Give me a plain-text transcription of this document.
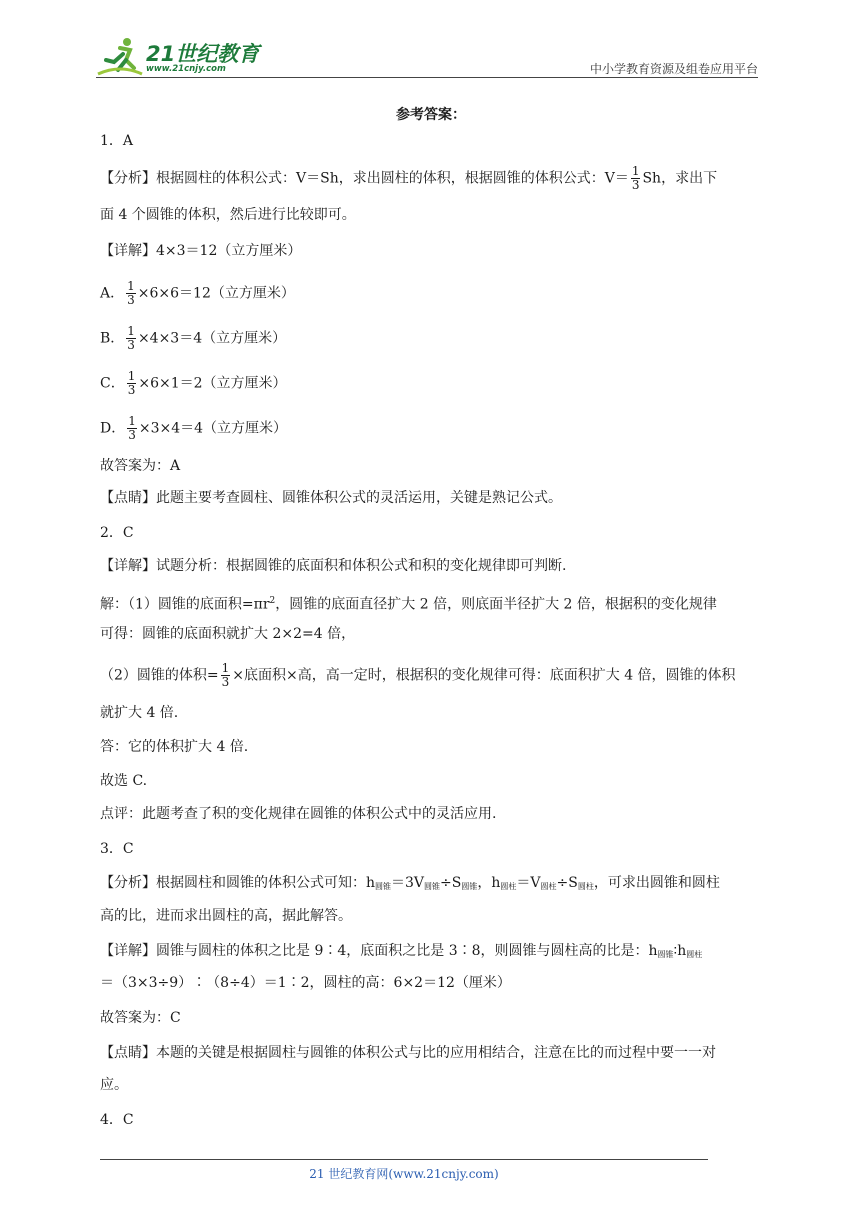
21世纪教育
www.21cnjy.com	中小学教育资源及组卷应用平台
参考答案：
1．A
【分析】根据圆柱的体积公式：V＝Sh，求出圆柱的体积，根据圆锥的体积公式：$V= \frac{1}{3}$ Sh，求出下
面 4 个圆锥的体积，然后进行比较即可。
【详解】4×3＝12（立方厘米）
A． $\frac{1}{3} \times 6\times 6=12$（立方厘米）
B． $\frac{1}{3} \times 4\times 3=4$（立方厘米）
C． $\frac{1}{3} \times 6\times 1=2$（立方厘米）
D． $\frac{1}{3} \times 3\times 4=4$（立方厘米）
故答案为：A
【点睛】此题主要考查圆柱、圆锥体积公式的灵活运用，关键是熟记公式。
2．C
【详解】试题分析：根据圆锥的底面积和体积公式和积的变化规律即可判断.
解：（1）圆锥的底面积$=\pi r^2$，圆锥的底面直径扩大 2 倍，则底面半径扩大 2 倍，根据积的变化规律
可得：圆锥的底面积就扩大 2×2=4 倍，
（2）圆锥的体积= $\frac{1}{3}$ ×底面积×高，高一定时，根据积的变化规律可得：底面积扩大 4 倍，圆锥的体积
就扩大 4 倍.
答：它的体积扩大 4 倍.
故选 C.
点评：此题考查了积的变化规律在圆锥的体积公式中的灵活应用.
3．C
【分析】根据圆柱和圆锥的体积公式可知：$h_{圆锥}=3V_{圆锥}\div S_{圆锥}$，$h_{圆柱}=V_{圆柱}\div S_{圆柱}$，可求出圆锥和圆柱
高的比，进而求出圆柱的高，据此解答。
【详解】圆锥与圆柱的体积之比是 9∶4，底面积之比是 3∶8，则圆锥与圆柱高的比是：$h_{圆锥}∶h_{圆柱}$
＝（3×3÷9）∶（8÷4）＝1∶2，圆柱的高：6×2＝12（厘米）
故答案为：C
【点睛】本题的关键是根据圆柱与圆锥的体积公式与比的应用相结合，注意在比的而过程中要一一对
应。
4．C
21 世纪教育网(www.21cnjy.com)
